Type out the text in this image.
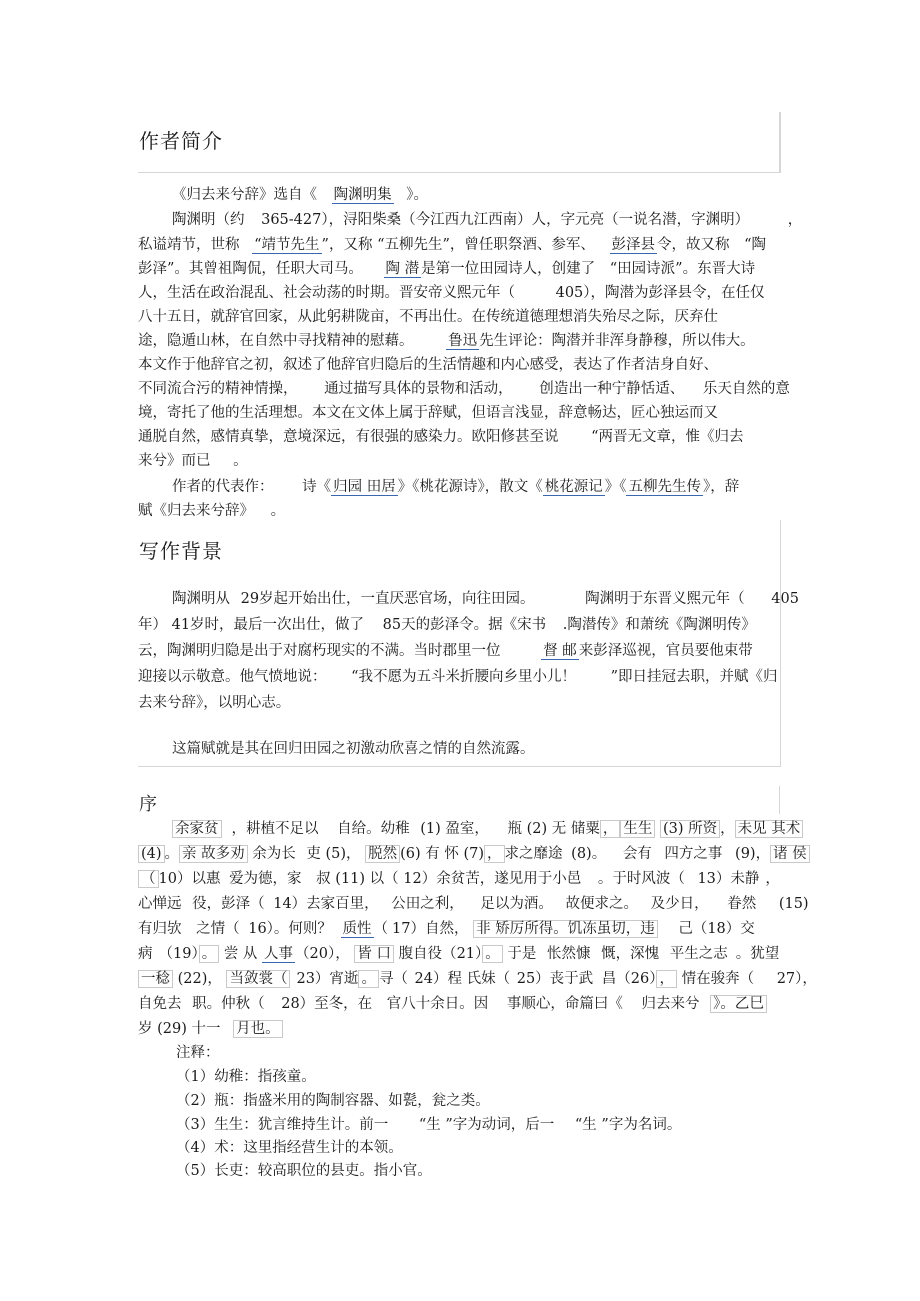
作者简介
《归去来兮辞》选自《 陶渊明集 》。
陶渊明（约 365-427），浔阳柴桑（今江西九江西南）人，字元亮（一说名潜，字渊明）	，
私谥靖节，世称 “靖节先生 ”，又称 “五柳先生”，曾任职祭酒、参军、 彭泽县 令，故又称 “陶
彭泽”。其曾祖陶侃，任职大司马。 陶 潜 是第一位田园诗人，创建了 “田园诗派”。东晋大诗
人，生活在政治混乱、社会动荡的时期。晋安帝义熙元年（	405），陶潜为彭泽县令，在任仅
八十五日，就辞官回家，从此躬耕陇亩，不再出仕。在传统道德理想消失殆尽之际，厌弃仕
途，隐遁山林，在自然中寻找精神的慰藉。 鲁迅 先生评论：陶潜并非浑身静穆，所以伟大。
本文作于他辞官之初，叙述了他辞官归隐后的生活情趣和内心感受，表达了作者洁身自好、
不同流合污的精神情操， 通过描写具体的景物和活动， 创造出一种宁静恬适、 乐天自然的意
境，寄托了他的生活理想。本文在文体上属于辞赋，但语言浅显，辞意畅达，匠心独运而又
通脱自然，感情真挚，意境深远，有很强的感染力。欧阳修甚至说 “两晋无文章，惟《归去
来兮》而已 。
作者的代表作： 诗《 归园 田居 》《桃花源诗》，散文《 桃花源记 》《 五柳先生传 》，辞
赋《归去来兮辞》 。
写作背景
陶渊明从 29岁起开始出仕，一直厌恶官场，向往田园。	陶渊明于东晋义熙元年（ 405
年） 41岁时，最后一次出仕，做了 85天的彭泽令。据《宋书 .陶潜传》和萧统《陶渊明传》
云，陶渊明归隐是出于对腐朽现实的不满。当时郡里一位	督 邮 来彭泽巡视，官员要他束带
迎接以示敬意。他气愤地说： “我不愿为五斗米折腰向乡里小儿！ ”即日挂冠去职，并赋《归
去来兮辞》，以明心志。
这篇赋就是其在回归田园之初激动欣喜之情的自然流露。
序
余家贫 ，耕植不足以 自给。幼稚 (1) 盈室， 瓶 (2) 无 储粟 ， 生生 (3) 所资 ， 未见 其术
(4) 。 亲 故多劝 余为长 吏 (5)， 脱然 (6) 有 怀 (7) ， 求之靡途 (8)。 会有 四方之事 (9)， 诸 侯
（ 10）以惠 爱为德，家 叔 (11) 以（ 12）余贫苦，遂见用于小邑 。于时风波（ 13）未静 ，
心惮远 役，彭泽（ 14）去家百里， 公田之利， 足以为酒。 故便求之。 及少日， 眷然 (15)
有归欤 之情（ 16）。何则？ 质性 （ 17）自然， 非 矫厉所得。饥冻虽切，违 己（18）交
病 （19） 。 尝 从 人事 （20）， 皆 口 腹自役（21） 。 于是 怅然慷 慨，深愧 平生之志 。犹望
一稔 (22)， 当敛裳（ 23）宵逝 。 寻（ 24）程 氏妹（ 25）丧于武 昌（26） ， 情在骏奔（ 27），
自免去 职。仲秋（ 28）至冬，在 官八十余日。因 事顺心，命篇曰《 归去来兮 》。乙巳
岁 (29) 十一 月也。
注释：
（1）幼稚：指孩童。
（2）瓶：指盛米用的陶制容器、如甏，瓮之类。
（3）生生：犹言维持生计。前一 “生 ”字为动词，后一 “生 ”字为名词。
（4）术：这里指经营生计的本领。
（5）长吏：较高职位的县吏。指小官。
